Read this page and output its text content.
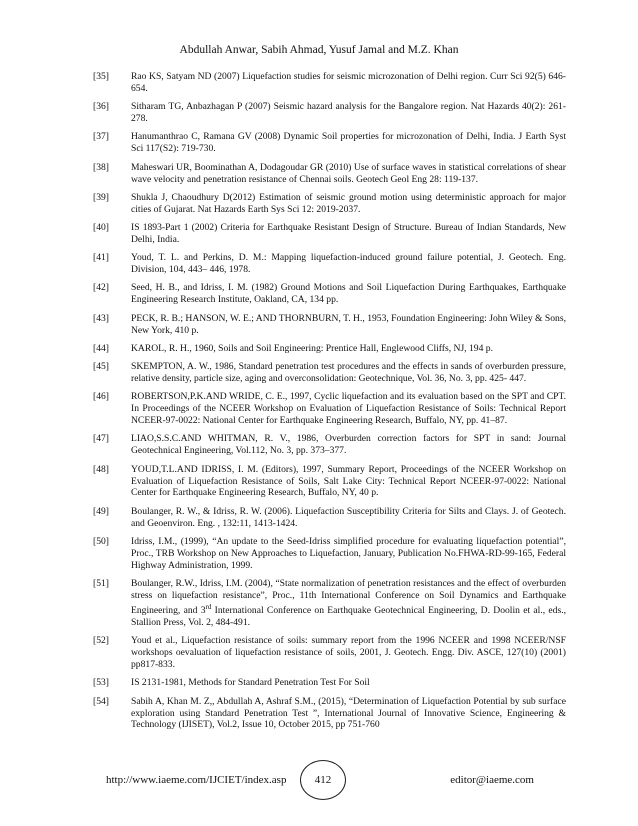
Abdullah Anwar, Sabih Ahmad, Yusuf Jamal and M.Z. Khan
[35]	Rao KS, Satyam ND (2007) Liquefaction studies for seismic microzonation of Delhi region. Curr Sci 92(5) 646-654.
[36]	Sitharam TG, Anbazhagan P (2007) Seismic hazard analysis for the Bangalore region. Nat Hazards 40(2): 261-278.
[37]	Hanumanthrao C, Ramana GV (2008) Dynamic Soil properties for microzonation of Delhi, India. J Earth Syst Sci 117(S2): 719-730.
[38]	Maheswari UR, Boominathan A, Dodagoudar GR (2010) Use of surface waves in statistical correlations of shear wave velocity and penetration resistance of Chennai soils. Geotech Geol Eng 28: 119-137.
[39]	Shukla J, Chaoudhury D(2012) Estimation of seismic ground motion using deterministic approach for major cities of Gujarat. Nat Hazards Earth Sys Sci 12: 2019-2037.
[40]	IS 1893-Part 1 (2002) Criteria for Earthquake Resistant Design of Structure. Bureau of Indian Standards, New Delhi, India.
[41]	Youd, T. L. and Perkins, D. M.: Mapping liquefaction-induced ground failure potential, J. Geotech. Eng. Division, 104, 443– 446, 1978.
[42]	Seed, H. B., and Idriss, I. M. (1982) Ground Motions and Soil Liquefaction During Earthquakes, Earthquake Engineering Research Institute, Oakland, CA, 134 pp.
[43]	PECK, R. B.; HANSON, W. E.; AND THORNBURN, T. H., 1953, Foundation Engineering: John Wiley & Sons, New York, 410 p.
[44]	KAROL, R. H., 1960, Soils and Soil Engineering: Prentice Hall, Englewood Cliffs, NJ, 194 p.
[45]	SKEMPTON, A. W., 1986, Standard penetration test procedures and the effects in sands of overburden pressure, relative density, particle size, aging and overconsolidation: Geotechnique, Vol. 36, No. 3, pp. 425- 447.
[46]	ROBERTSON,P.K.AND WRIDE, C. E., 1997, Cyclic liquefaction and its evaluation based on the SPT and CPT. In Proceedings of the NCEER Workshop on Evaluation of Liquefaction Resistance of Soils: Technical Report NCEER-97-0022: National Center for Earthquake Engineering Research, Buffalo, NY, pp. 41–87.
[47]	LIAO,S.S.C.AND WHITMAN, R. V., 1986, Overburden correction factors for SPT in sand: Journal Geotechnical Engineering, Vol.112, No. 3, pp. 373–377.
[48]	YOUD,T.L.AND IDRISS, I. M. (Editors), 1997, Summary Report, Proceedings of the NCEER Workshop on Evaluation of Liquefaction Resistance of Soils, Salt Lake City: Technical Report NCEER-97-0022: National Center for Earthquake Engineering Research, Buffalo, NY, 40 p.
[49]	Boulanger, R. W., & Idriss, R. W. (2006). Liquefaction Susceptibility Criteria for Silts and Clays. J. of Geotech. and Geoenviron. Eng. , 132:11, 1413-1424.
[50]	Idriss, I.M., (1999), “An update to the Seed-Idriss simplified procedure for evaluating liquefaction potential”, Proc., TRB Workshop on New Approaches to Liquefaction, January, Publication No.FHWA-RD-99-165, Federal Highway Administration, 1999.
[51]	Boulanger, R.W., Idriss, I.M. (2004), “State normalization of penetration resistances and the effect of overburden stress on liquefaction resistance”, Proc., 11th International Conference on Soil Dynamics and Earthquake Engineering, and 3rd International Conference on Earthquake Geotechnical Engineering, D. Doolin et al., eds., Stallion Press, Vol. 2, 484-491.
[52]	Youd et al., Liquefaction resistance of soils: summary report from the 1996 NCEER and 1998 NCEER/NSF workshops oevaluation of liquefaction resistance of soils, 2001, J. Geotech. Engg. Div. ASCE, 127(10) (2001) pp817-833.
[53]	IS 2131-1981, Methods for Standard Penetration Test For Soil
[54]	Sabih A, Khan M. Z,, Abdullah A, Ashraf S.M., (2015), “Determination of Liquefaction Potential by sub surface exploration using Standard Penetration Test ”, International Journal of Innovative Science, Engineering & Technology (IJISET), Vol.2, Issue 10, October 2015, pp 751-760
http://www.iaeme.com/IJCIET/index.asp	412	editor@iaeme.com
